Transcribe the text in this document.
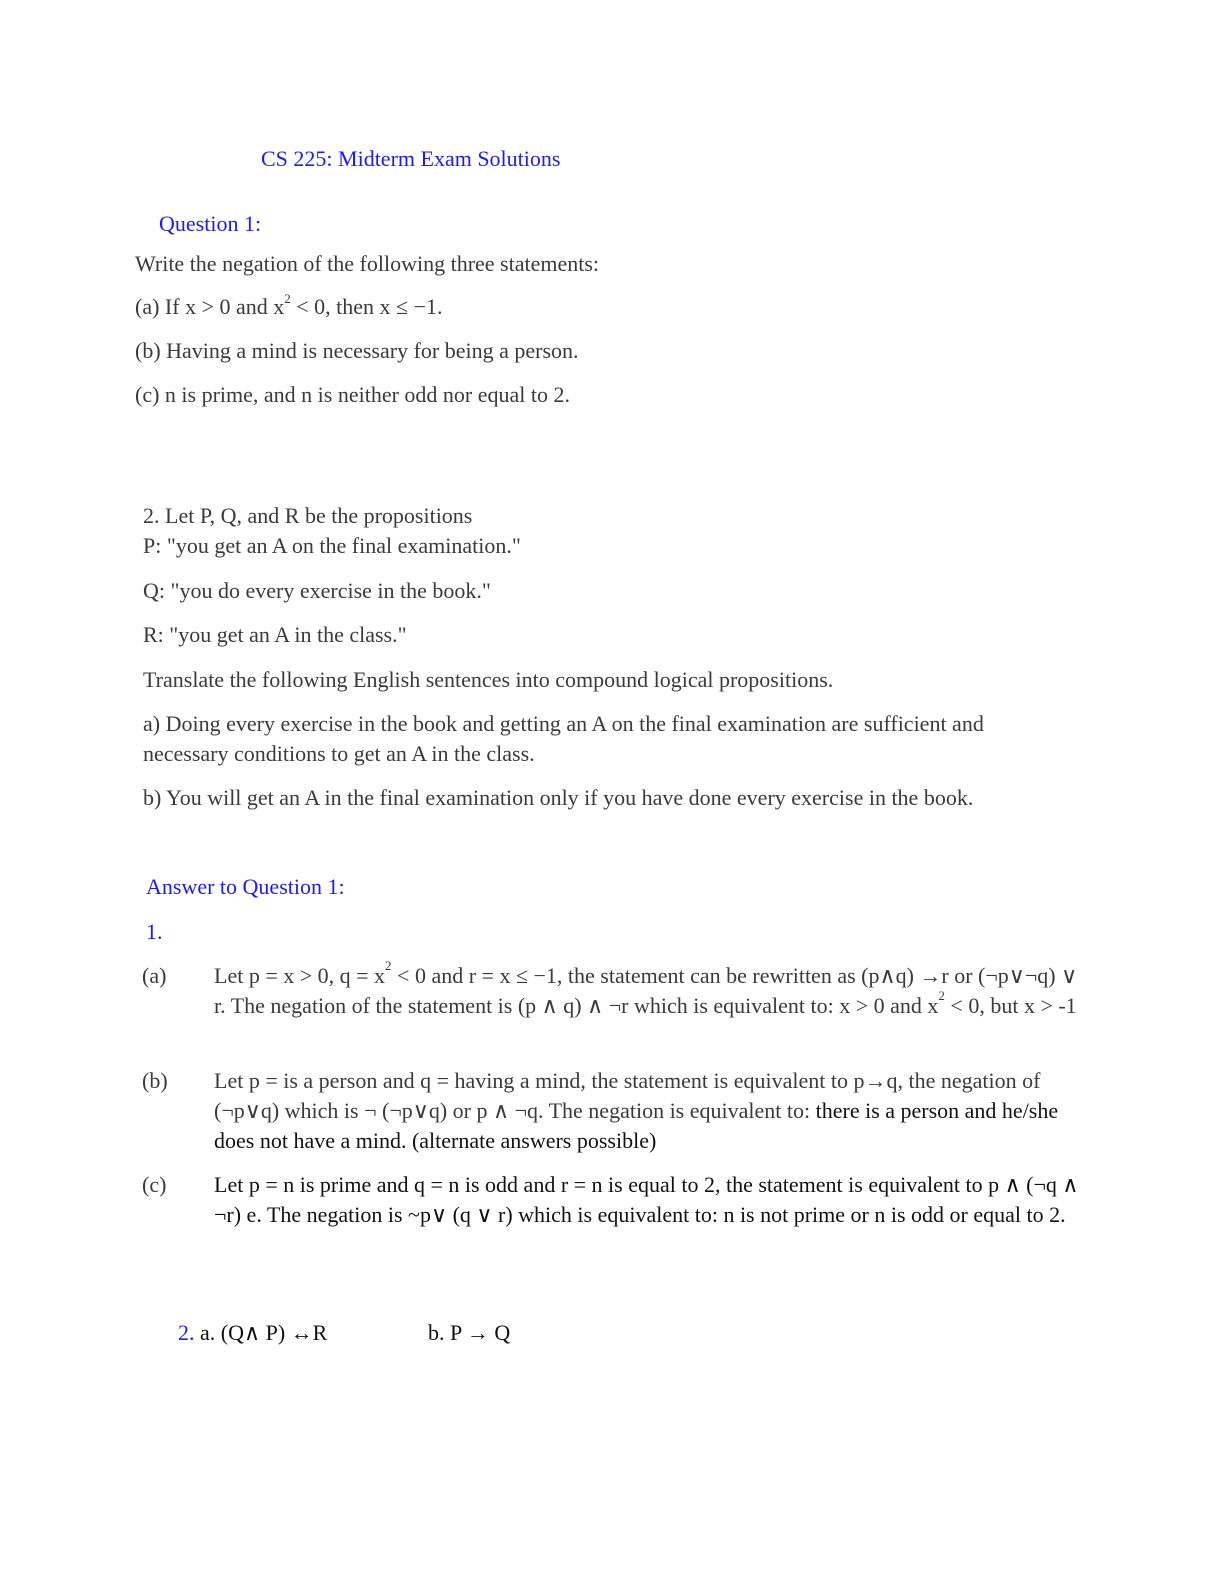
CS 225: Midterm Exam Solutions
Question 1:
Write the negation of the following three statements:
(a) If x > 0 and $x^2 < 0$, then x ≤ −1.
(b) Having a mind is necessary for being a person.
(c) n is prime, and n is neither odd nor equal to 2.
2. Let P, Q, and R be the propositions
P: "you get an A on the final examination."
Q: "you do every exercise in the book."
R: "you get an A in the class."
Translate the following English sentences into compound logical propositions.
a) Doing every exercise in the book and getting an A on the final examination are sufficient and necessary conditions to get an A in the class.
b) You will get an A in the final examination only if you have done every exercise in the book.
Answer to Question 1:
1.
(a) Let p = x > 0, $q = x^2 < 0$ and r = x ≤ −1, the statement can be rewritten as (p∧q) →r or (¬p∨¬q) ∨ r. The negation of the statement is (p ∧ q) ∧ ¬r which is equivalent to: x > 0 and $x^2 < 0$, but x > -1
(b) Let p = is a person and q = having a mind, the statement is equivalent to p→q, the negation of (¬p∨q) which is ¬ (¬p∨q) or p ∧ ¬q. The negation is equivalent to: there is a person and he/she does not have a mind. (alternate answers possible)
(c) Let p = n is prime and q = n is odd and r = n is equal to 2, the statement is equivalent to p ∧ (¬q ∧ ¬r) e. The negation is ~p∨ (q ∨ r) which is equivalent to: n is not prime or n is odd or equal to 2.
2. a. (Q∧ P) ↔R	b. P → Q
